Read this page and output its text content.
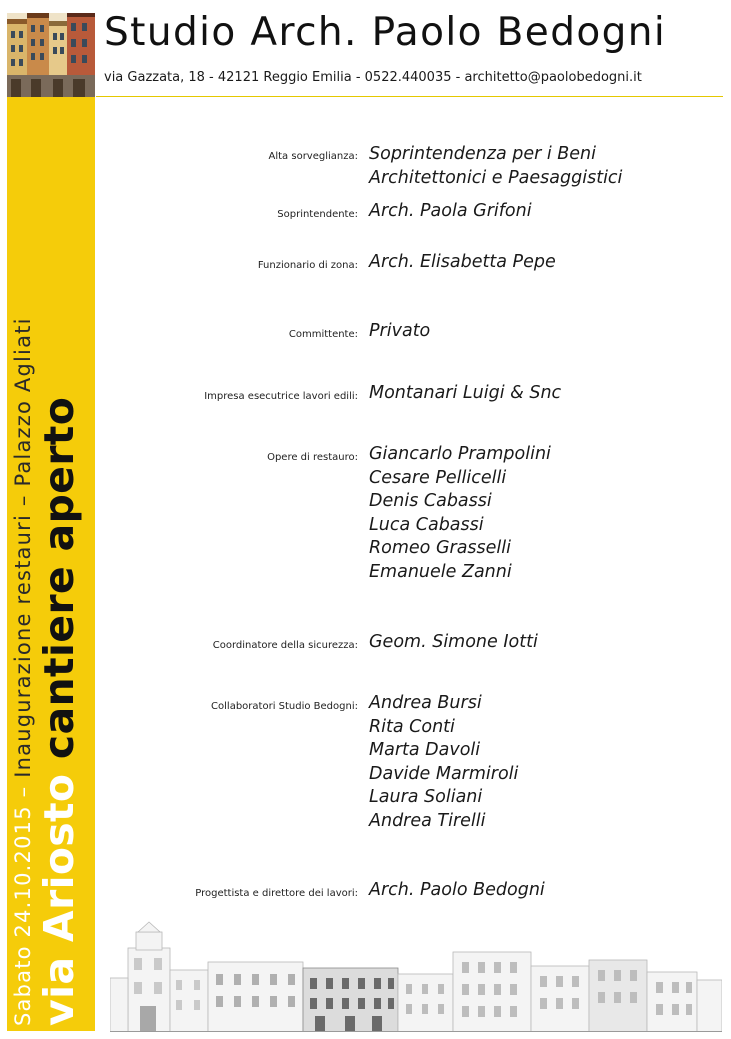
Studio Arch. Paolo Bedogni
via Gazzata, 18 - 42121 Reggio Emilia - 0522.440035 - architetto@paolobedogni.it
Sabato 24.10.2015 – Inaugurazione restauri – Palazzo Agliati
via Ariosto cantiere aperto
Alta sorveglianza: Soprintendenza per i Beni
Architettonici e Paesaggistici
Soprintendente: Arch. Paola Grifoni
Funzionario di zona: Arch. Elisabetta Pepe
Committente: Privato
Impresa esecutrice lavori edili: Montanari Luigi & Snc
Opere di restauro: Giancarlo Prampolini
Cesare Pellicelli
Denis Cabassi
Luca Cabassi
Romeo Grasselli
Emanuele Zanni
Coordinatore della sicurezza: Geom. Simone Iotti
Collaboratori Studio Bedogni: Andrea Bursi
Rita Conti
Marta Davoli
Davide Marmiroli
Laura Soliani
Andrea Tirelli
Progettista e direttore dei lavori: Arch. Paolo Bedogni
